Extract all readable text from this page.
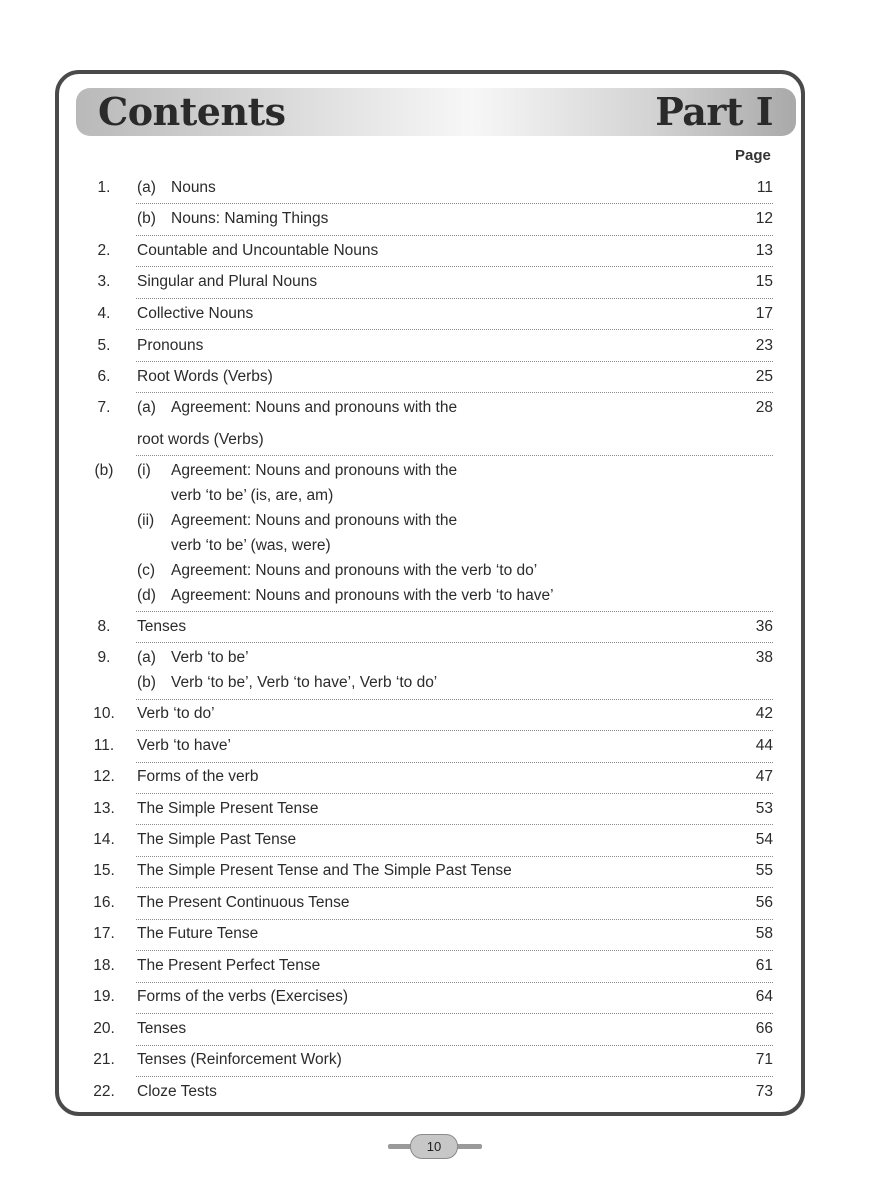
Contents	Part I
Page
1.	(a) Nouns	11
(b) Nouns: Naming Things	12
2.	Countable and Uncountable Nouns	13
3.	Singular and Plural Nouns	15
4.	Collective Nouns	17
5.	Pronouns	23
6.	Root Words (Verbs)	25
7.	(a) Agreement: Nouns and pronouns with the	28
root words (Verbs)
(b)	(i) Agreement: Nouns and pronouns with the
verb ‘to be’ (is, are, am)
(ii) Agreement: Nouns and pronouns with the
verb ‘to be’ (was, were)
(c) Agreement: Nouns and pronouns with the verb ‘to do’
(d) Agreement: Nouns and pronouns with the verb ‘to have’
8.	Tenses	36
9.	(a) Verb ‘to be’	38
(b) Verb ‘to be’, Verb ‘to have’, Verb ‘to do’
10.	Verb ‘to do’	42
11.	Verb ‘to have’	44
12.	Forms of the verb	47
13.	The Simple Present Tense	53
14.	The Simple Past Tense	54
15.	The Simple Present Tense and The Simple Past Tense	55
16.	The Present Continuous Tense	56
17.	The Future Tense	58
18.	The Present Perfect Tense	61
19.	Forms of the verbs (Exercises)	64
20.	Tenses	66
21.	Tenses (Reinforcement Work)	71
22.	Cloze Tests	73
10
